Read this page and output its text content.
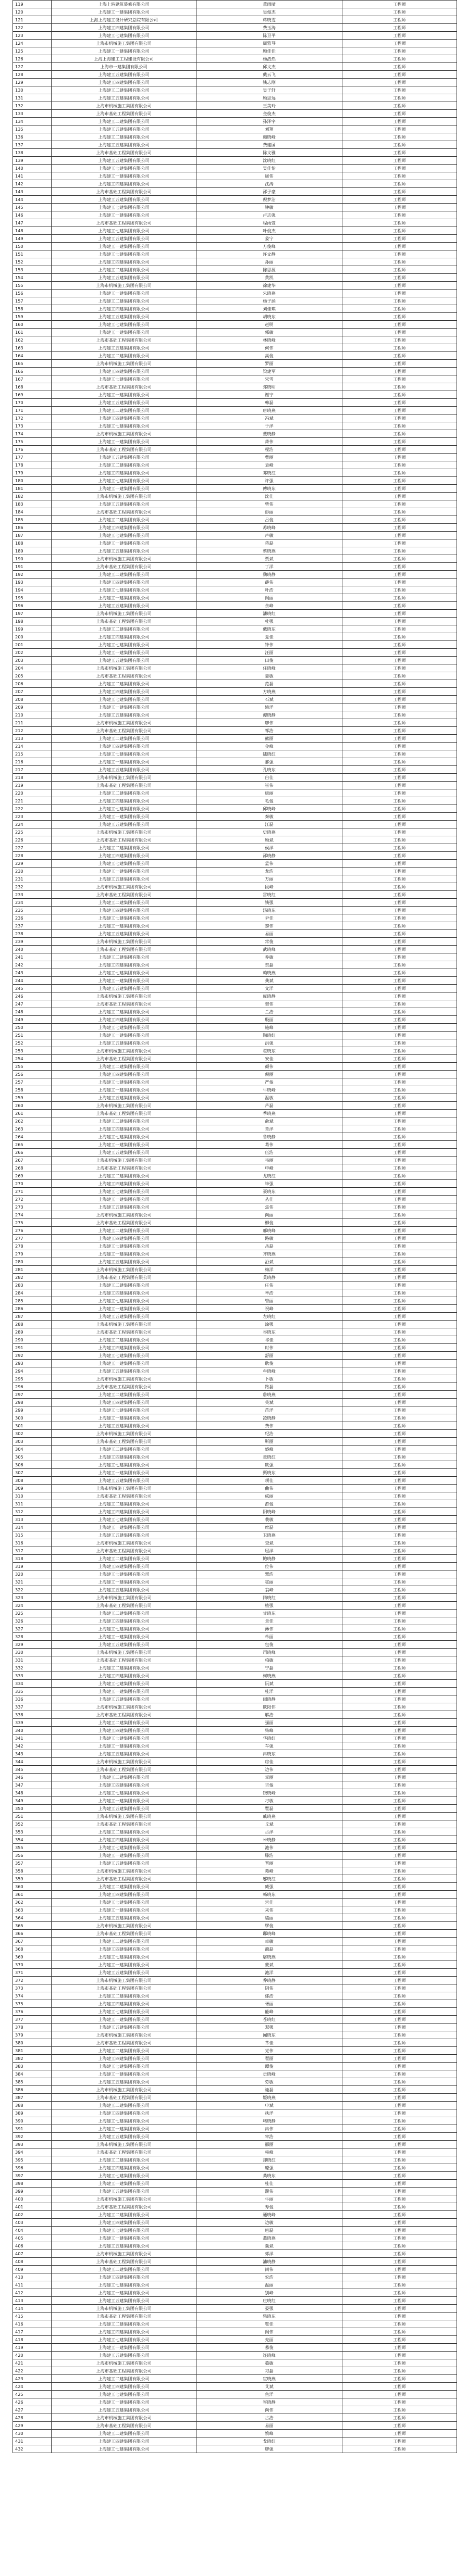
119	上海上港建筑装修有限公司	董雨晴	工程师
120	上海建工一建集团有限公司	吴俊杰	工程师
121	上海上海建工设计研究总院有限公司	蒋晓雯	工程师
122	上海建工四建集团有限公司	费玉涛	工程师
123	上海建工七建集团有限公司	陈卫平	工程师
124	上海市机械施工集团有限公司	周雅琴	工程师
125	上海建工一建集团有限公司	顾佳佳	工程师
126	上海上海建工工程建设有限公司	杨浩然	工程师
127	上海市一建集团有限公司	邱文杰	工程师
128	上海建工五建集团有限公司	戴云飞	工程师
129	上海建工四建集团有限公司	钱志刚	工程师
130	上海建工二建集团有限公司	吴子轩	工程师
131	上海建工五建集团有限公司	顾思远	工程师
132	上海市机械施工集团有限公司	王美玲	工程师
133	上海市基础工程集团有限公司	金俊杰	工程师
134	上海建工二建集团有限公司	孙泽宇	工程师
135	上海建工五建集团有限公司	刘翔	工程师
136	上海建工二建集团有限公司	施晓峰	工程师
137	上海建工五建集团有限公司	费建国	工程师
138	上海市基础工程集团有限公司	陈文雅	工程师
139	上海建工五建集团有限公司	沈晓红	工程师
140	上海建工七建集团有限公司	吴佳怡	工程师
141	上海建工一建集团有限公司	周伟	工程师
142	上海建工四建集团有限公司	沈涛	工程师
143	上海市基础工程集团有限公司	邵子豪	工程师
144	上海建工五建集团有限公司	倪梦洁	工程师
145	上海建工七建集团有限公司	钟敏	工程师
146	上海建工一建集团有限公司	卢志强	工程师
147	上海市基础工程集团有限公司	程雨萱	工程师
148	上海建工七建集团有限公司	叶俊杰	工程师
149	上海建工五建集团有限公司	姜宁	工程师
150	上海建工一建集团有限公司	方俊峰	工程师
151	上海建工七建集团有限公司	许文静	工程师
152	上海建工四建集团有限公司	孙丽	工程师
153	上海建工二建集团有限公司	陈思源	工程师
154	上海建工五建集团有限公司	黄凯	工程师
155	上海市机械施工集团有限公司	徐建华	工程师
156	上海建工一建集团有限公司	朱晓燕	工程师
157	上海建工二建集团有限公司	杨子涵	工程师
158	上海建工四建集团有限公司	刘佳琪	工程师
159	上海建工五建集团有限公司	胡晓东	工程师
160	上海建工七建集团有限公司	赵明	工程师
161	上海建工一建集团有限公司	郭敏	工程师
162	上海市基础工程集团有限公司	林晓峰	工程师
163	上海建工五建集团有限公司	何伟	工程师
164	上海建工二建集团有限公司	高俊	工程师
165	上海市机械施工集团有限公司	罗丽	工程师
166	上海建工四建集团有限公司	梁建军	工程师
167	上海建工七建集团有限公司	宋雪	工程师
168	上海市基础工程集团有限公司	郑晓明	工程师
169	上海建工一建集团有限公司	谢宁	工程师
170	上海建工五建集团有限公司	韩磊	工程师
171	上海建工二建集团有限公司	唐晓燕	工程师
172	上海建工四建集团有限公司	冯斌	工程师
173	上海建工七建集团有限公司	于洋	工程师
174	上海市机械施工集团有限公司	董晓静	工程师
175	上海建工一建集团有限公司	萧伟	工程师
176	上海市基础工程集团有限公司	程浩	工程师
177	上海建工五建集团有限公司	曹丽	工程师
178	上海建工二建集团有限公司	袁峰	工程师
179	上海建工四建集团有限公司	邓晓红	工程师
180	上海建工七建集团有限公司	许强	工程师
181	上海建工一建集团有限公司	傅晓东	工程师
182	上海市机械施工集团有限公司	沈佳	工程师
183	上海建工五建集团有限公司	曾伟	工程师
184	上海市基础工程集团有限公司	彭丽	工程师
185	上海建工二建集团有限公司	吕俊	工程师
186	上海建工四建集团有限公司	苏晓峰	工程师
187	上海建工七建集团有限公司	卢敏	工程师
188	上海建工一建集团有限公司	蒋磊	工程师
189	上海建工五建集团有限公司	蔡晓燕	工程师
190	上海市机械施工集团有限公司	贾斌	工程师
191	上海市基础工程集团有限公司	丁洋	工程师
192	上海建工二建集团有限公司	魏晓静	工程师
193	上海建工四建集团有限公司	薛伟	工程师
194	上海建工七建集团有限公司	叶浩	工程师
195	上海建工一建集团有限公司	阎丽	工程师
196	上海建工五建集团有限公司	余峰	工程师
197	上海市机械施工集团有限公司	潘晓红	工程师
198	上海市基础工程集团有限公司	杜强	工程师
199	上海建工二建集团有限公司	戴晓东	工程师
200	上海建工四建集团有限公司	夏佳	工程师
201	上海建工七建集团有限公司	钟伟	工程师
202	上海建工一建集团有限公司	汪丽	工程师
203	上海建工五建集团有限公司	田俊	工程师
204	上海市机械施工集团有限公司	任晓峰	工程师
205	上海市基础工程集团有限公司	姜敏	工程师
206	上海建工二建集团有限公司	范磊	工程师
207	上海建工四建集团有限公司	方晓燕	工程师
208	上海建工七建集团有限公司	石斌	工程师
209	上海建工一建集团有限公司	姚洋	工程师
210	上海建工五建集团有限公司	谭晓静	工程师
211	上海市机械施工集团有限公司	廖伟	工程师
212	上海市基础工程集团有限公司	邹浩	工程师
213	上海建工二建集团有限公司	熊丽	工程师
214	上海建工四建集团有限公司	金峰	工程师
215	上海建工七建集团有限公司	陆晓红	工程师
216	上海建工一建集团有限公司	郝强	工程师
217	上海建工五建集团有限公司	孔晓东	工程师
218	上海市机械施工集团有限公司	白佳	工程师
219	上海市基础工程集团有限公司	崔伟	工程师
220	上海建工二建集团有限公司	康丽	工程师
221	上海建工四建集团有限公司	毛俊	工程师
222	上海建工七建集团有限公司	邱晓峰	工程师
223	上海建工一建集团有限公司	秦敏	工程师
224	上海建工五建集团有限公司	江磊	工程师
225	上海市机械施工集团有限公司	史晓燕	工程师
226	上海市基础工程集团有限公司	顾斌	工程师
227	上海建工二建集团有限公司	侯洋	工程师
228	上海建工四建集团有限公司	邵晓静	工程师
229	上海建工七建集团有限公司	孟伟	工程师
230	上海建工一建集团有限公司	龙浩	工程师
231	上海建工五建集团有限公司	万丽	工程师
232	上海市机械施工集团有限公司	段峰	工程师
233	上海市基础工程集团有限公司	雷晓红	工程师
234	上海建工二建集团有限公司	钱强	工程师
235	上海建工四建集团有限公司	汤晓东	工程师
236	上海建工七建集团有限公司	尹佳	工程师
237	上海建工一建集团有限公司	黎伟	工程师
238	上海建工五建集团有限公司	易丽	工程师
239	上海市机械施工集团有限公司	常俊	工程师
240	上海市基础工程集团有限公司	武晓峰	工程师
241	上海建工二建集团有限公司	乔敏	工程师
242	上海建工四建集团有限公司	贺磊	工程师
243	上海建工七建集团有限公司	赖晓燕	工程师
244	上海建工一建集团有限公司	龚斌	工程师
245	上海建工五建集团有限公司	文洋	工程师
246	上海市机械施工集团有限公司	庞晓静	工程师
247	上海市基础工程集团有限公司	樊伟	工程师
248	上海建工二建集团有限公司	兰浩	工程师
249	上海建工四建集团有限公司	殷丽	工程师
250	上海建工七建集团有限公司	施峰	工程师
251	上海建工一建集团有限公司	陶晓红	工程师
252	上海建工五建集团有限公司	洪强	工程师
253	上海市机械施工集团有限公司	翟晓东	工程师
254	上海市基础工程集团有限公司	安佳	工程师
255	上海建工二建集团有限公司	颜伟	工程师
256	上海建工四建集团有限公司	倪丽	工程师
257	上海建工七建集团有限公司	严俊	工程师
258	上海建工一建集团有限公司	牛晓峰	工程师
259	上海建工五建集团有限公司	温敏	工程师
260	上海市机械施工集团有限公司	芦磊	工程师
261	上海市基础工程集团有限公司	季晓燕	工程师
262	上海建工二建集团有限公司	俞斌	工程师
263	上海建工四建集团有限公司	章洋	工程师
264	上海建工七建集团有限公司	鲁晓静	工程师
265	上海建工一建集团有限公司	葛伟	工程师
266	上海建工五建集团有限公司	伍浩	工程师
267	上海市机械施工集团有限公司	韦丽	工程师
268	上海市基础工程集团有限公司	申峰	工程师
269	上海建工二建集团有限公司	尤晓红	工程师
270	上海建工四建集团有限公司	毕强	工程师
271	上海建工七建集团有限公司	聂晓东	工程师
272	上海建工一建集团有限公司	丛佳	工程师
273	上海建工五建集团有限公司	焦伟	工程师
274	上海市机械施工集团有限公司	向丽	工程师
275	上海市基础工程集团有限公司	柳俊	工程师
276	上海建工二建集团有限公司	邢晓峰	工程师
277	上海建工四建集团有限公司	路敏	工程师
278	上海建工七建集团有限公司	岳磊	工程师
279	上海建工一建集团有限公司	齐晓燕	工程师
280	上海建工五建集团有限公司	沿斌	工程师
281	上海市机械施工集团有限公司	梅洋	工程师
282	上海市基础工程集团有限公司	莫晓静	工程师
283	上海建工二建集团有限公司	庄伟	工程师
284	上海建工四建集团有限公司	辛浩	工程师
285	上海建工七建集团有限公司	管丽	工程师
286	上海建工一建集团有限公司	祝峰	工程师
287	上海建工五建集团有限公司	左晓红	工程师
288	上海市机械施工集团有限公司	涂强	工程师
289	上海市基础工程集团有限公司	谷晓东	工程师
290	上海建工二建集团有限公司	祁佳	工程师
291	上海建工四建集团有限公司	时伟	工程师
292	上海建工七建集团有限公司	舒丽	工程师
293	上海建工一建集团有限公司	耿俊	工程师
294	上海建工五建集团有限公司	牟晓峰	工程师
295	上海市机械施工集团有限公司	卜敏	工程师
296	上海市基础工程集团有限公司	路磊	工程师
297	上海建工二建集团有限公司	詹晓燕	工程师
298	上海建工四建集团有限公司	关斌	工程师
299	上海建工七建集团有限公司	苗洋	工程师
300	上海建工一建集团有限公司	凌晓静	工程师
301	上海建工五建集团有限公司	费伟	工程师
302	上海市机械施工集团有限公司	纪浩	工程师
303	上海市基础工程集团有限公司	靳丽	工程师
304	上海建工二建集团有限公司	盛峰	工程师
305	上海建工四建集团有限公司	童晓红	工程师
306	上海建工七建集团有限公司	欧强	工程师
307	上海建工一建集团有限公司	甄晓东	工程师
308	上海建工五建集团有限公司	项佳	工程师
309	上海市机械施工集团有限公司	曲伟	工程师
310	上海市基础工程集团有限公司	成丽	工程师
311	上海建工二建集团有限公司	游俊	工程师
312	上海建工四建集团有限公司	阳晓峰	工程师
313	上海建工七建集团有限公司	裴敏	工程师
314	上海建工一建集团有限公司	席磊	工程师
315	上海建工五建集团有限公司	卫晓燕	工程师
316	上海市机械施工集团有限公司	查斌	工程师
317	上海市基础工程集团有限公司	屈洋	工程师
318	上海建工二建集团有限公司	鲍晓静	工程师
319	上海建工四建集团有限公司	位伟	工程师
320	上海建工七建集团有限公司	覃浩	工程师
321	上海建工一建集团有限公司	霍丽	工程师
322	上海建工五建集团有限公司	翁峰	工程师
323	上海市机械施工集团有限公司	隋晓红	工程师
324	上海市基础工程集团有限公司	植强	工程师
325	上海建工二建集团有限公司	甘晓东	工程师
326	上海建工四建集团有限公司	景佳	工程师
327	上海建工七建集团有限公司	薄伟	工程师
328	上海建工一建集团有限公司	单丽	工程师
329	上海建工五建集团有限公司	包俊	工程师
330	上海市机械施工集团有限公司	司晓峰	工程师
331	上海市基础工程集团有限公司	柏敏	工程师
332	上海建工二建集团有限公司	宁磊	工程师
333	上海建工四建集团有限公司	柯晓燕	工程师
334	上海建工七建集团有限公司	阮斌	工程师
335	上海建工一建集团有限公司	桂洋	工程师
336	上海建工五建集团有限公司	闵晓静	工程师
337	上海市机械施工集团有限公司	欧阳伟	工程师
338	上海市基础工程集团有限公司	解浩	工程师
339	上海建工二建集团有限公司	强丽	工程师
340	上海建工四建集团有限公司	柴峰	工程师
341	上海建工七建集团有限公司	华晓红	工程师
342	上海建工一建集团有限公司	车强	工程师
343	上海建工五建集团有限公司	冉晓东	工程师
344	上海市机械施工集团有限公司	房佳	工程师
345	上海市基础工程集团有限公司	边伟	工程师
346	上海建工二建集团有限公司	辜丽	工程师
347	上海建工四建集团有限公司	吉俊	工程师
348	上海建工七建集团有限公司	饶晓峰	工程师
349	上海建工一建集团有限公司	刁敏	工程师
350	上海建工五建集团有限公司	瞿磊	工程师
351	上海市机械施工集团有限公司	戚晓燕	工程师
352	上海市基础工程集团有限公司	丘斌	工程师
353	上海建工二建集团有限公司	古洋	工程师
354	上海建工四建集团有限公司	米晓静	工程师
355	上海建工七建集团有限公司	池伟	工程师
356	上海建工一建集团有限公司	滕浩	工程师
357	上海建工五建集团有限公司	晋丽	工程师
358	上海市机械施工集团有限公司	苑峰	工程师
359	上海市基础工程集团有限公司	邬晓红	工程师
360	上海建工二建集团有限公司	臧强	工程师
361	上海建工四建集团有限公司	畅晓东	工程师
362	上海建工七建集团有限公司	宫佳	工程师
363	上海建工一建集团有限公司	来伟	工程师
364	上海建工五建集团有限公司	嵇丽	工程师
365	上海市机械施工集团有限公司	缪俊	工程师
366	上海市基础工程集团有限公司	邸晓峰	工程师
367	上海建工二建集团有限公司	卓敏	工程师
368	上海建工四建集团有限公司	蔺磊	工程师
369	上海建工七建集团有限公司	屠晓燕	工程师
370	上海建工一建集团有限公司	蒙斌	工程师
371	上海建工五建集团有限公司	池洋	工程师
372	上海市机械施工集团有限公司	乔晓静	工程师
373	上海市基础工程集团有限公司	阴伟	工程师
374	上海建工二建集团有限公司	郁浩	工程师
375	上海建工四建集团有限公司	胥丽	工程师
376	上海建工七建集团有限公司	能峰	工程师
377	上海建工一建集团有限公司	苍晓红	工程师
378	上海建工五建集团有限公司	双强	工程师
379	上海市机械施工集团有限公司	闻晓东	工程师
380	上海市基础工程集团有限公司	莘佳	工程师
381	上海建工二建集团有限公司	党伟	工程师
382	上海建工四建集团有限公司	翟丽	工程师
383	上海建工七建集团有限公司	谭俊	工程师
384	上海建工一建集团有限公司	贡晓峰	工程师
385	上海建工五建集团有限公司	劳敏	工程师
386	上海市机械施工集团有限公司	逄磊	工程师
387	上海市基础工程集团有限公司	姬晓燕	工程师
388	上海建工二建集团有限公司	申斌	工程师
389	上海建工四建集团有限公司	扶洋	工程师
390	上海建工七建集团有限公司	堵晓静	工程师
391	上海建工一建集团有限公司	冉伟	工程师
392	上海建工五建集团有限公司	宰浩	工程师
393	上海市机械施工集团有限公司	郦丽	工程师
394	上海市基础工程集团有限公司	雍峰	工程师
395	上海建工二建集团有限公司	却晓红	工程师
396	上海建工四建集团有限公司	璩强	工程师
397	上海建工七建集团有限公司	桑晓东	工程师
398	上海建工一建集团有限公司	桂佳	工程师
399	上海建工五建集团有限公司	濮伟	工程师
400	上海市机械施工集团有限公司	牛丽	工程师
401	上海市基础工程集团有限公司	寿俊	工程师
402	上海建工二建集团有限公司	通晓峰	工程师
403	上海建工四建集团有限公司	边敏	工程师
404	上海建工七建集团有限公司	扈磊	工程师
405	上海建工一建集团有限公司	燕晓燕	工程师
406	上海建工五建集团有限公司	冀斌	工程师
407	上海市机械施工集团有限公司	郏洋	工程师
408	上海市基础工程集团有限公司	浦晓静	工程师
409	上海建工二建集团有限公司	尚伟	工程师
410	上海建工四建集团有限公司	农浩	工程师
411	上海建工七建集团有限公司	温丽	工程师
412	上海建工一建集团有限公司	别峰	工程师
413	上海建工五建集团有限公司	庄晓红	工程师
414	上海市机械施工集团有限公司	晏强	工程师
415	上海市基础工程集团有限公司	柴晓东	工程师
416	上海建工二建集团有限公司	瞿佳	工程师
417	上海建工四建集团有限公司	阎伟	工程师
418	上海建工七建集团有限公司	充丽	工程师
419	上海建工一建集团有限公司	慕俊	工程师
420	上海建工五建集团有限公司	连晓峰	工程师
421	上海市机械施工集团有限公司	茹敏	工程师
422	上海市基础工程集团有限公司	习磊	工程师
423	上海建工二建集团有限公司	宦晓燕	工程师
424	上海建工四建集团有限公司	艾斌	工程师
425	上海建工七建集团有限公司	鱼洋	工程师
426	上海建工一建集团有限公司	容晓静	工程师
427	上海建工五建集团有限公司	向伟	工程师
428	上海市机械施工集团有限公司	古浩	工程师
429	上海市基础工程集团有限公司	易丽	工程师
430	上海建工二建集团有限公司	慎峰	工程师
431	上海建工四建集团有限公司	戈晓红	工程师
432	上海建工七建集团有限公司	廖强	工程师
